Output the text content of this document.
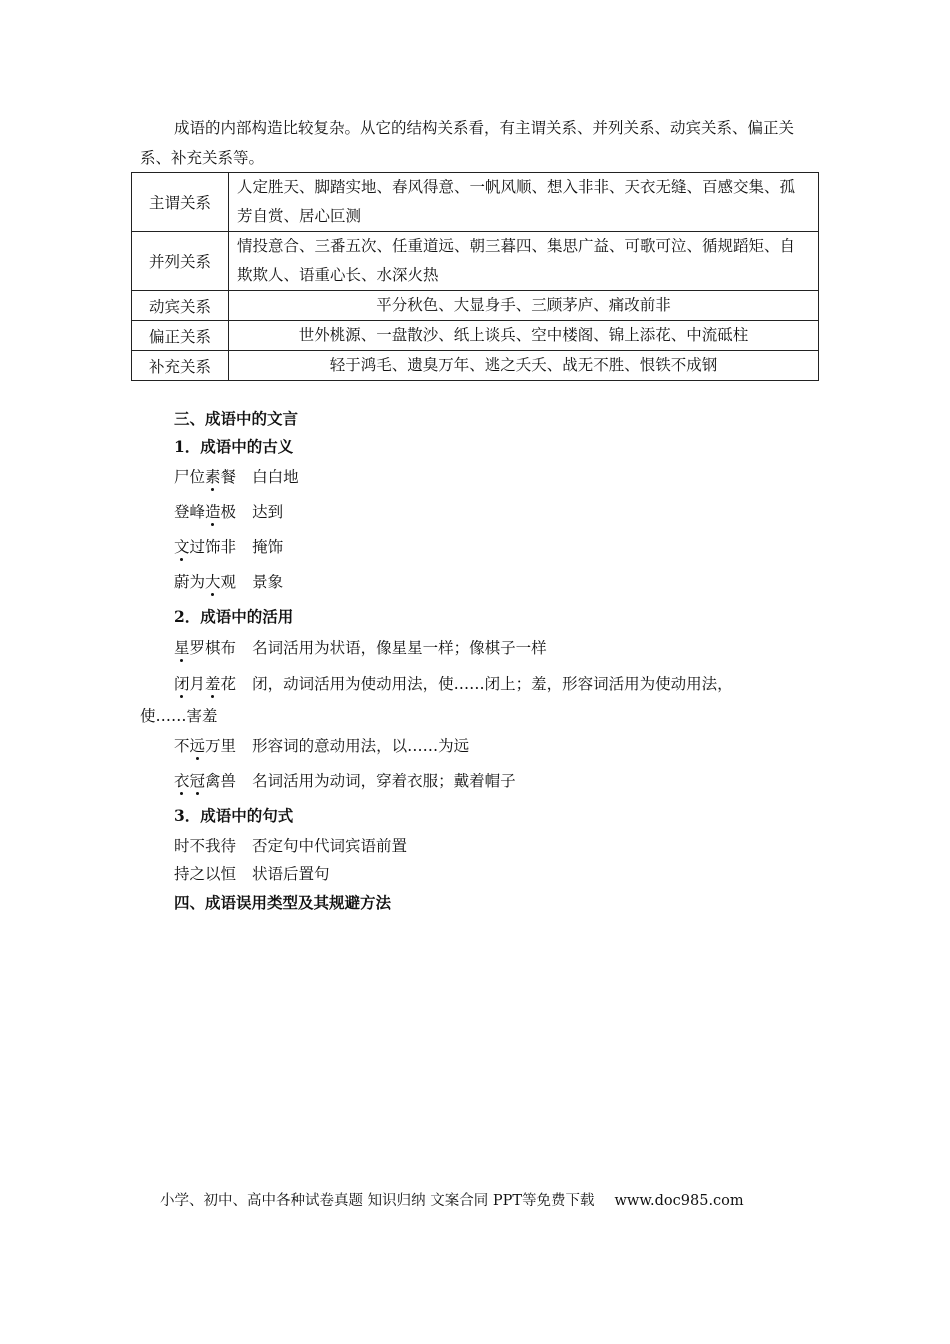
成语的内部构造比较复杂。从它的结构关系看，有主谓关系、并列关系、动宾关系、偏正关系、补充关系等。
主谓关系	人定胜天、脚踏实地、春风得意、一帆风顺、想入非非、天衣无缝、百感交集、孤芳自赏、居心叵测
并列关系	情投意合、三番五次、任重道远、朝三暮四、集思广益、可歌可泣、循规蹈矩、自欺欺人、语重心长、水深火热
动宾关系	平分秋色、大显身手、三顾茅庐、痛改前非
偏正关系	世外桃源、一盘散沙、纸上谈兵、空中楼阁、锦上添花、中流砥柱
补充关系	轻于鸿毛、遗臭万年、逃之夭夭、战无不胜、恨铁不成钢
三、成语中的文言
1．成语中的古义
尸位素餐 白白地
登峰造极 达到
文过饰非 掩饰
蔚为大观 景象
2．成语中的活用
星罗棋布 名词活用为状语，像星星一样；像棋子一样
闭月羞花 闭，动词活用为使动用法，使……闭上；羞，形容词活用为使动用法，
使……害羞
不远万里 形容词的意动用法，以……为远
衣冠禽兽 名词活用为动词，穿着衣服；戴着帽子
3．成语中的句式
时不我待 否定句中代词宾语前置
持之以恒 状语后置句
四、成语误用类型及其规避方法
小学、初中、高中各种试卷真题 知识归纳 文案合同 PPT等免费下载 www.doc985.com
